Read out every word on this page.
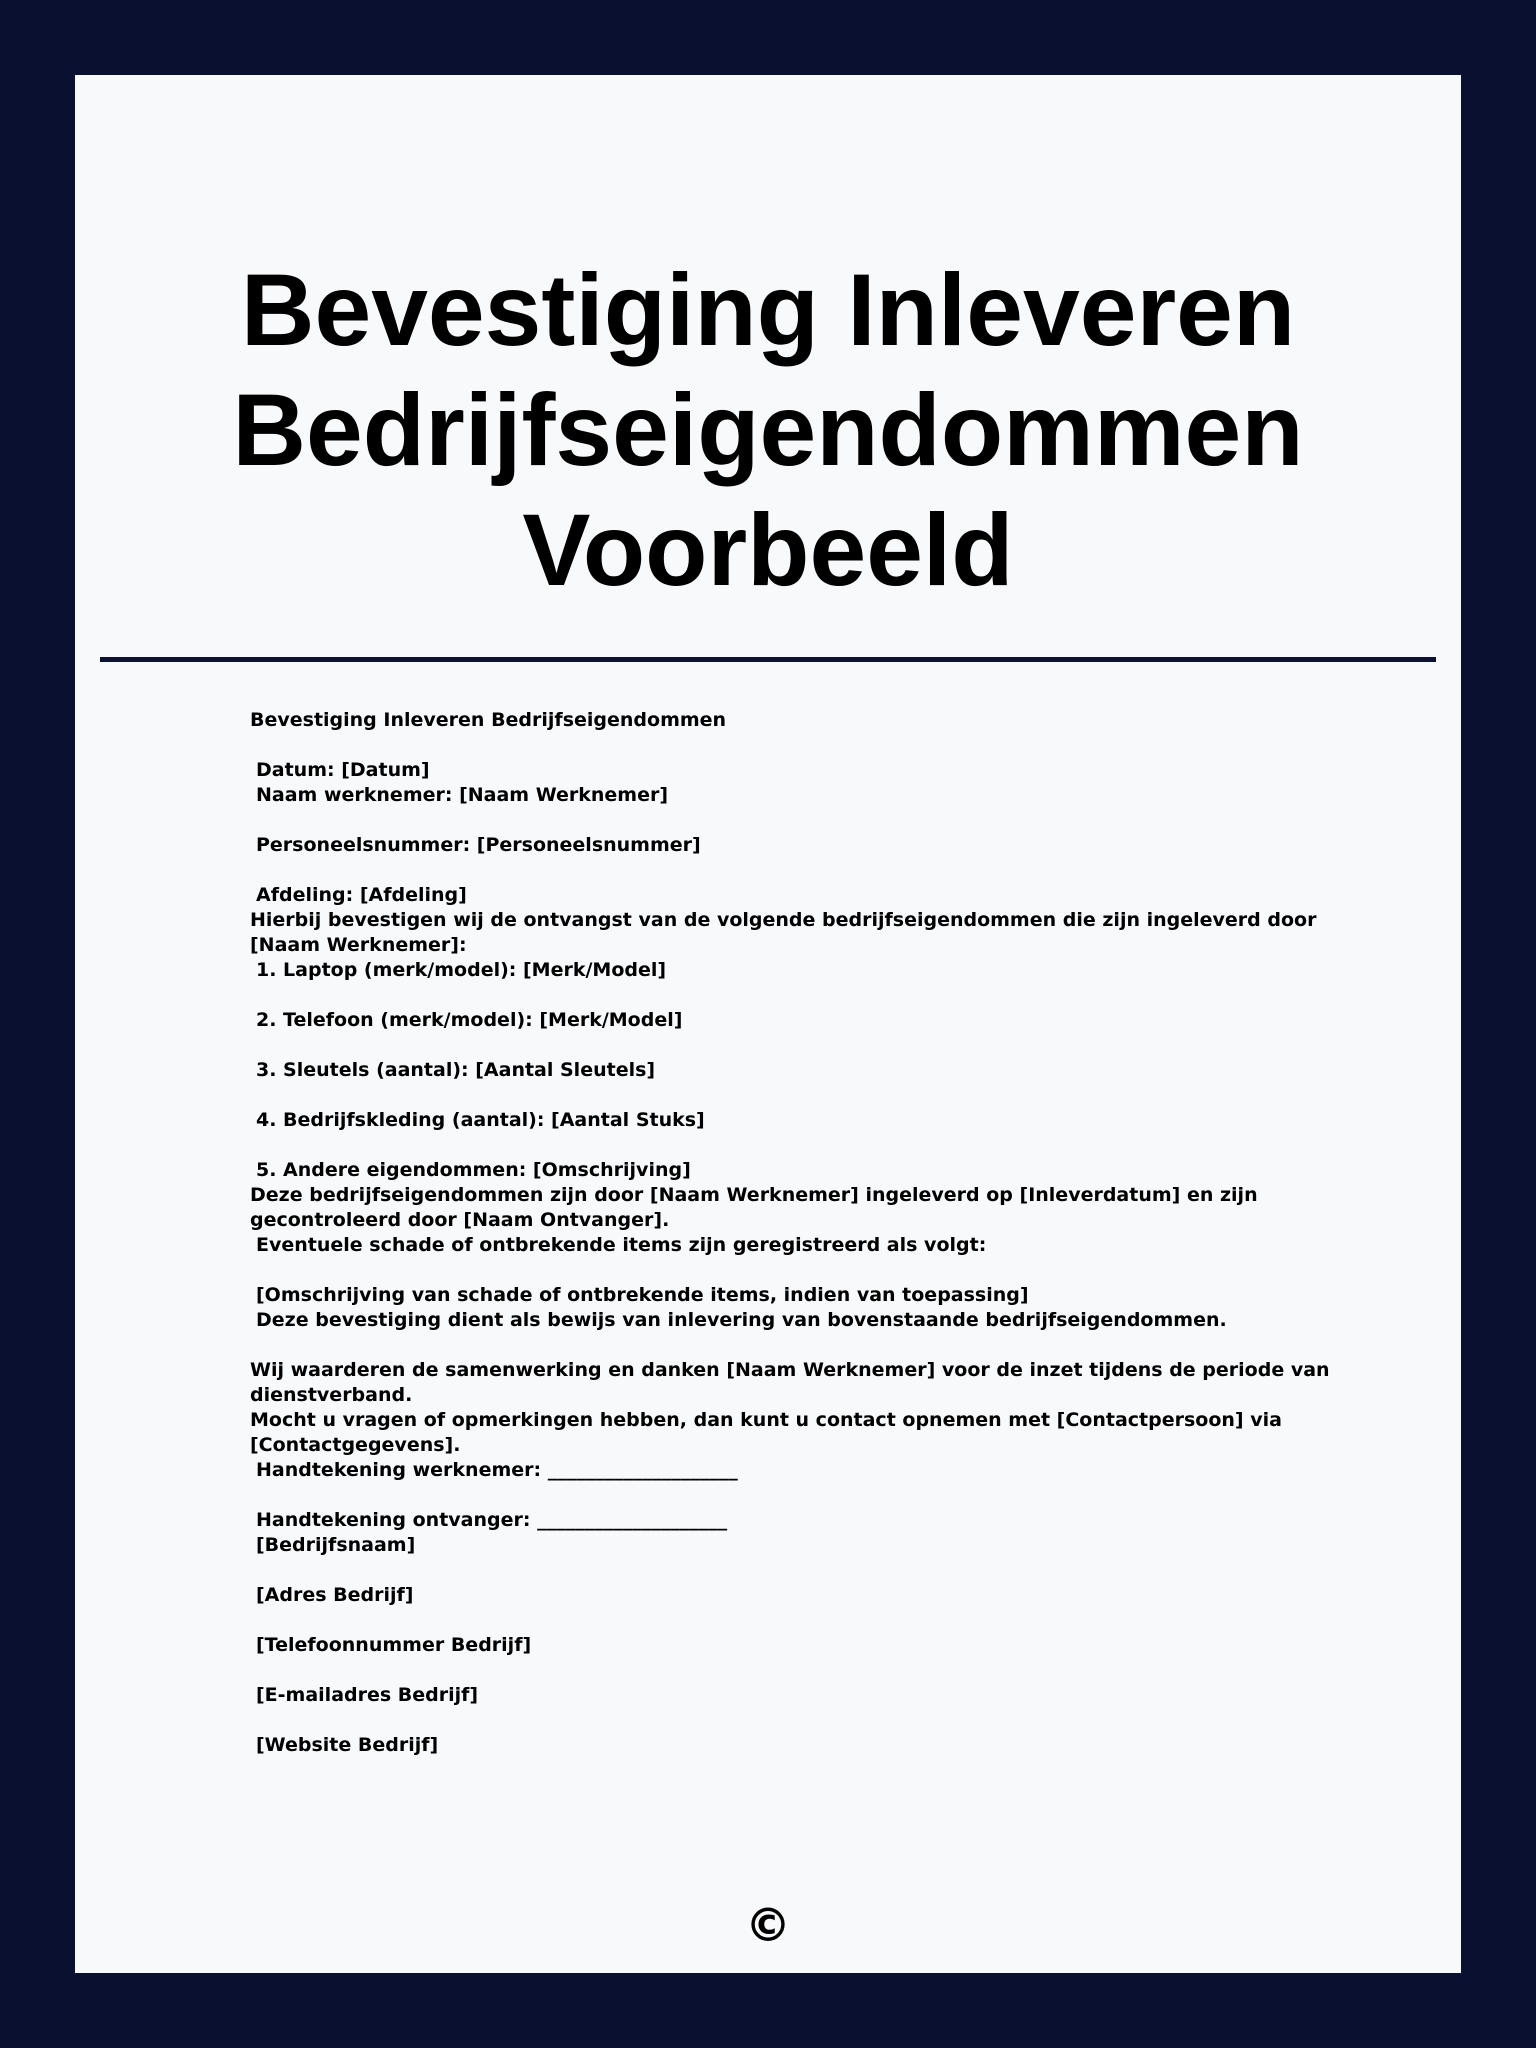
Bevestiging Inleveren
Bedrijfseigendommen
Voorbeeld
Bevestiging Inleveren Bedrijfseigendommen
Datum: [Datum]
Naam werknemer: [Naam Werknemer]
Personeelsnummer: [Personeelsnummer]
Afdeling: [Afdeling]
Hierbij bevestigen wij de ontvangst van de volgende bedrijfseigendommen die zijn ingeleverd door [Naam Werknemer]:
1. Laptop (merk/model): [Merk/Model]
2. Telefoon (merk/model): [Merk/Model]
3. Sleutels (aantal): [Aantal Sleutels]
4. Bedrijfskleding (aantal): [Aantal Stuks]
5. Andere eigendommen: [Omschrijving]
Deze bedrijfseigendommen zijn door [Naam Werknemer] ingeleverd op [Inleverdatum] en zijn gecontroleerd door [Naam Ontvanger].
Eventuele schade of ontbrekende items zijn geregistreerd als volgt:
[Omschrijving van schade of ontbrekende items, indien van toepassing]
Deze bevestiging dient als bewijs van inlevering van bovenstaande bedrijfseigendommen.
Wij waarderen de samenwerking en danken [Naam Werknemer] voor de inzet tijdens de periode van dienstverband.
Mocht u vragen of opmerkingen hebben, dan kunt u contact opnemen met [Contactpersoon] via [Contactgegevens].
Handtekening werknemer: ____________________
Handtekening ontvanger: ____________________
[Bedrijfsnaam]
[Adres Bedrijf]
[Telefoonnummer Bedrijf]
[E-mailadres Bedrijf]
[Website Bedrijf]
©
